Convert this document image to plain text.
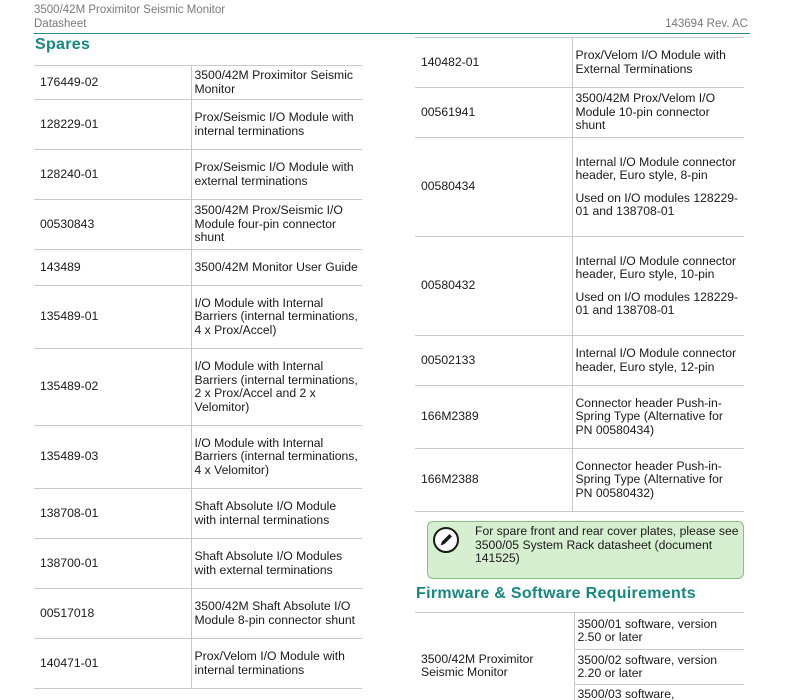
3500/42M Proximitor Seismic Monitor
Datasheet	143694 Rev. AC
Spares
176449-02	3500/42M Proximitor Seismic Monitor

128229-01	Prox/Seismic I/O Module with internal terminations

128240-01	Prox/Seismic I/O Module with external terminations

00530843	3500/42M Prox/Seismic I/O Module four-pin connector shunt

143489	3500/42M Monitor User Guide

135489-01	I/O Module with Internal Barriers (internal terminations, 4 x Prox/Accel)

135489-02	I/O Module with Internal Barriers (internal terminations, 2 x Prox/Accel and 2 x Velomitor)

135489-03	I/O Module with Internal Barriers (internal terminations, 4 x Velomitor)

138708-01	Shaft Absolute I/O Module with internal terminations

138700-01	Shaft Absolute I/O Modules with external terminations

00517018	3500/42M Shaft Absolute I/O Module 8-pin connector shunt

140471-01	Prox/Velom I/O Module with internal terminations

140482-01	Prox/Velom I/O Module with External Terminations

00561941	3500/42M Prox/Velom I/O Module 10-pin connector shunt

00580434	Internal I/O Module connector header, Euro style, 8-pin

Used on I/O modules 128229-01 and 138708-01

00580432	Internal I/O Module connector header, Euro style, 10-pin

Used on I/O modules 128229-01 and 138708-01

00502133	Internal I/O Module connector header, Euro style, 12-pin

166M2389	Connector header Push-in-Spring Type (Alternative for PN 00580434)

166M2388	Connector header Push-in-Spring Type (Alternative for PN 00580432)

For spare front and rear cover plates, please see 3500/05 System Rack datasheet (document 141525)
Firmware & Software Requirements
3500/42M Proximitor Seismic Monitor	3500/01 software, version 2.50 or later
3500/02 software, version 2.20 or later
3500/03 software,
